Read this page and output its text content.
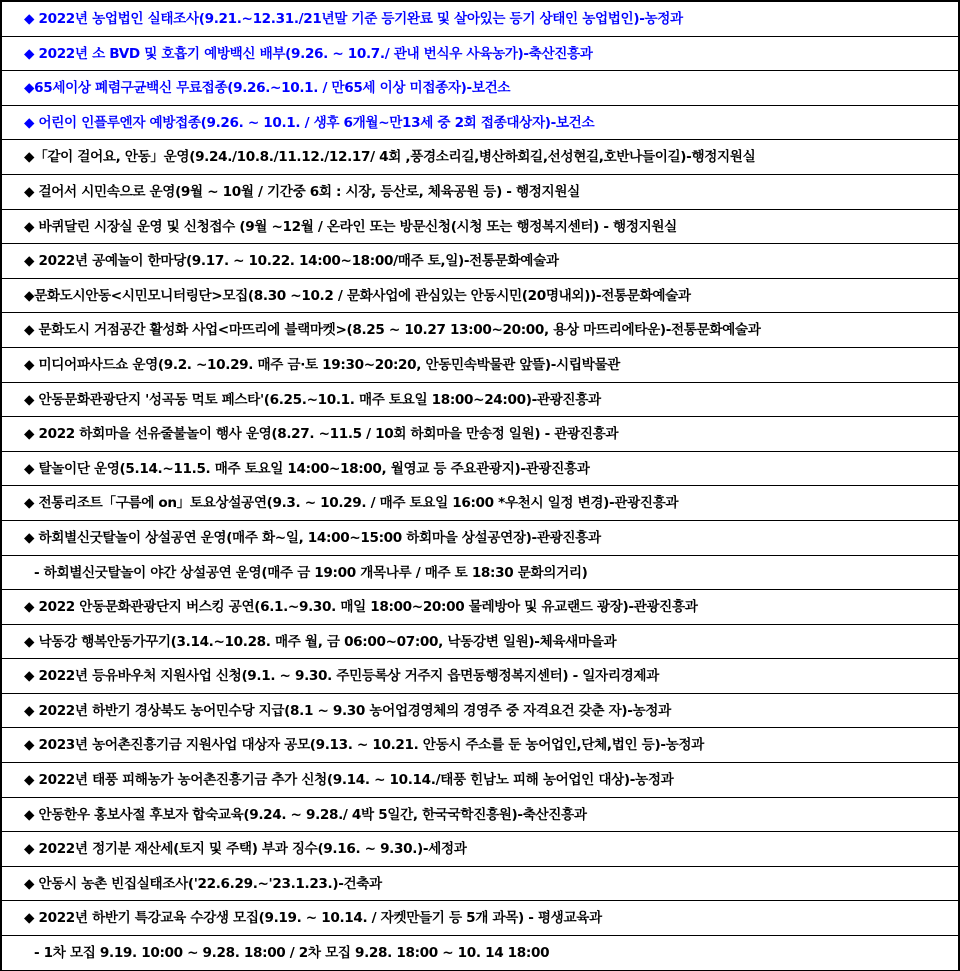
◆ 2022년 농업법인 실태조사(9.21.~12.31./21년말 기준 등기완료 및 살아있는 등기 상태인 농업법인)-농정과
◆ 2022년 소 BVD 및 호흡기 예방백신 배부(9.26. ~ 10.7./ 관내 번식우 사육농가)-축산진흥과
◆65세이상 폐렴구균백신 무료접종(9.26.~10.1. / 만65세 이상 미접종자)-보건소
◆ 어린이 인플루엔자 예방접종(9.26. ~ 10.1. / 생후 6개월~만13세 중 2회 접종대상자)-보건소
◆「같이 걸어요, 안동」운영(9.24./10.8./11.12./12.17/ 4회 ,풍경소리길,병산하회길,선성현길,호반나들이길)-행정지원실
◆ 걸어서 시민속으로 운영(9월 ~ 10월 / 기간중 6회 : 시장, 등산로, 체육공원 등) - 행정지원실
◆ 바퀴달린 시장실 운영 및 신청접수 (9월 ~12월 / 온라인 또는 방문신청(시청 또는 행정복지센터) - 행정지원실
◆ 2022년 공예놀이 한마당(9.17. ~ 10.22. 14:00~18:00/매주 토,일)-전통문화예술과
◆문화도시안동<시민모니터링단>모집(8.30 ~10.2 / 문화사업에 관심있는 안동시민(20명내외))-전통문화예술과
◆ 문화도시 거점공간 활성화 사업<마뜨리에 블랙마켓>(8.25 ~ 10.27 13:00~20:00, 용상 마뜨리에타운)-전통문화예술과
◆ 미디어파사드쇼 운영(9.2. ~10.29. 매주 금·토 19:30~20:20, 안동민속박물관 앞뜰)-시립박물관
◆ 안동문화관광단지 '성곡동 먹토 페스타'(6.25.~10.1. 매주 토요일 18:00~24:00)-관광진흥과
◆ 2022 하회마을 선유줄불놀이 행사 운영(8.27. ~11.5 / 10회 하회마을 만송정 일원) - 관광진흥과
◆ 탈놀이단 운영(5.14.~11.5. 매주 토요일 14:00~18:00, 월영교 등 주요관광지)-관광진흥과
◆ 전통리조트「구름에 on」토요상설공연(9.3. ~ 10.29. / 매주 토요일 16:00 *우천시 일정 변경)-관광진흥과
◆ 하회별신굿탈놀이 상설공연 운영(매주 화~일, 14:00~15:00 하회마을 상설공연장)-관광진흥과
- 하회별신굿탈놀이 야간 상설공연 운영(매주 금 19:00 개목나루 / 매주 토 18:30 문화의거리)
◆ 2022 안동문화관광단지 버스킹 공연(6.1.~9.30. 매일 18:00~20:00 물레방아 및 유교랜드 광장)-관광진흥과
◆ 낙동강 행복안동가꾸기(3.14.~10.28. 매주 월, 금 06:00~07:00, 낙동강변 일원)-체육새마을과
◆ 2022년 등유바우처 지원사업 신청(9.1. ~ 9.30. 주민등록상 거주지 읍면동행정복지센터) - 일자리경제과
◆ 2022년 하반기 경상북도 농어민수당 지급(8.1 ~ 9.30 농어업경영체의 경영주 중 자격요건 갖춘 자)-농정과
◆ 2023년 농어촌진흥기금 지원사업 대상자 공모(9.13. ~ 10.21. 안동시 주소를 둔 농어업인,단체,법인 등)-농정과
◆ 2022년 태풍 피해농가 농어촌진흥기금 추가 신청(9.14. ~ 10.14./태풍 힌남노 피해 농어업인 대상)-농정과
◆ 안동한우 홍보사절 후보자 합숙교육(9.24. ~ 9.28./ 4박 5일간, 한국국학진흥원)-축산진흥과
◆ 2022년 정기분 재산세(토지 및 주택) 부과 징수(9.16. ~ 9.30.)-세정과
◆ 안동시 농촌 빈집실태조사('22.6.29.~'23.1.23.)-건축과
◆ 2022년 하반기 특강교육 수강생 모집(9.19. ~ 10.14. / 자켓만들기 등 5개 과목) - 평생교육과
- 1차 모집 9.19. 10:00 ~ 9.28. 18:00 / 2차 모집 9.28. 18:00 ~ 10. 14 18:00
